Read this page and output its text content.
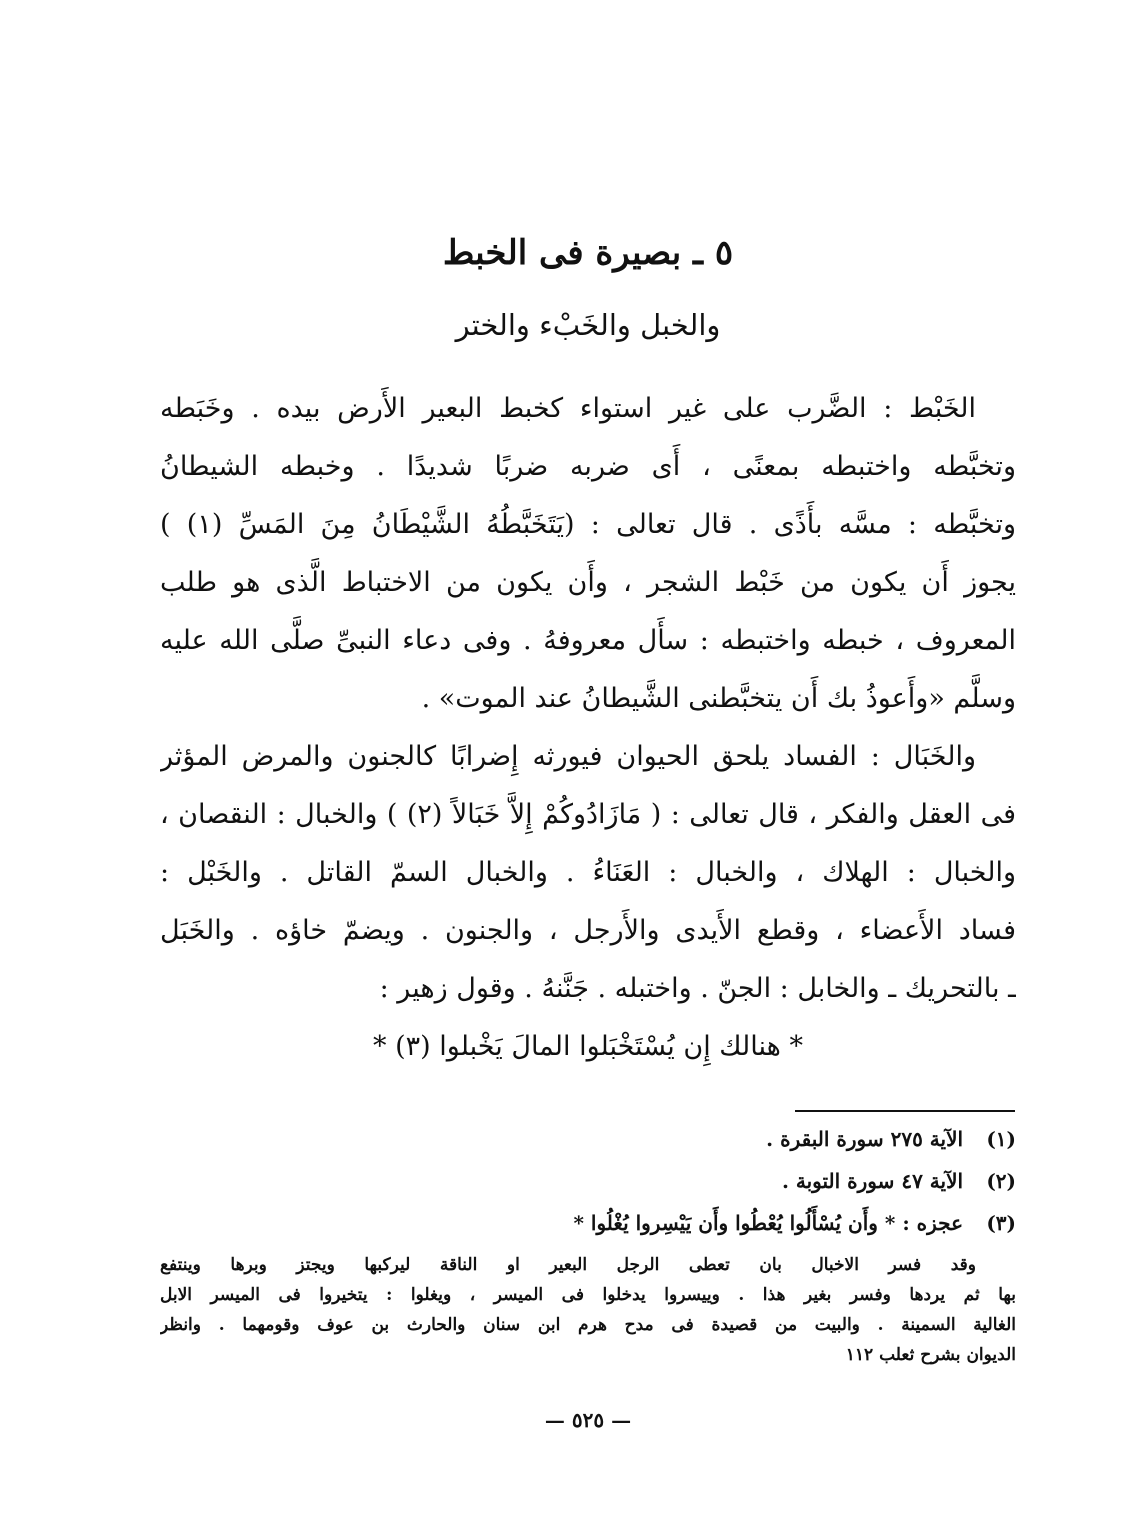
٥ ـ بصيرة فى الخبط
والخبل والخَبْء والختر
الخَبْط : الضَّرب على غير استواء كخبط البعير الأَرض بيده . وخَبَطه
وتخبَّطه واختبطه بمعنًى ، أَى ضربه ضربًا شديدًا . وخبطه الشيطانُ
وتخبَّطه : مسَّه بأَذًى . قال تعالى : (يَتَخَبَّطُهُ الشَّيْطَانُ مِنَ المَسِّ (١) )
يجوز أَن يكون من خَبْط الشجر ، وأَن يكون من الاختباط الَّذى هو طلب
المعروف ، خبطه واختبطه : سأَل معروفهُ . وفى دعاء النبىِّ صلَّى الله عليه
وسلَّم «وأَعوذُ بك أَن يتخبَّطنى الشَّيطانُ عند الموت» .
والخَبَال : الفساد يلحق الحيوان فيورثه إِضرابًا كالجنون والمرض المؤثر
فى العقل والفكر ، قال تعالى : ( مَازَادُوكُمْ إِلاَّ خَبَالاً (٢) ) والخبال : النقصان ،
والخبال : الهلاك ، والخبال : العَنَاءُ . والخبال السمّ القاتل . والخَبْل :
فساد الأَعضاء ، وقطع الأَيدى والأَرجل ، والجنون . ويضمّ خاؤه . والخَبَل
ـ بالتحريك ـ والخابل : الجنّ . واختبله . جَنَّنهُ . وقول زهير :
* هنالك إِن يُسْتَخْبَلوا المالَ يَخْبلوا (٣) *
(١) الآية ٢٧٥ سورة البقرة .
(٢) الآية ٤٧ سورة التوبة .
(٣) عجزه : * وأَن يُسْأَلُوا يُعْطُوا وأَن يَيْسِروا يُغْلُوا *
وقد فسر الاخبال بان تعطى الرجل البعير او الناقة ليركبها ويجتز وبرها وينتفع
بها ثم يردها وفسر بغير هذا . وييسروا يدخلوا فى الميسر ، ويغلوا : يتخيروا فى الميسر الابل
الغالية السمينة . والبيت من قصيدة فى مدح هرم ابن سنان والحارث بن عوف وقومهما . وانظر
الديوان بشرح ثعلب ١١٢
— ٥٢٥ —
